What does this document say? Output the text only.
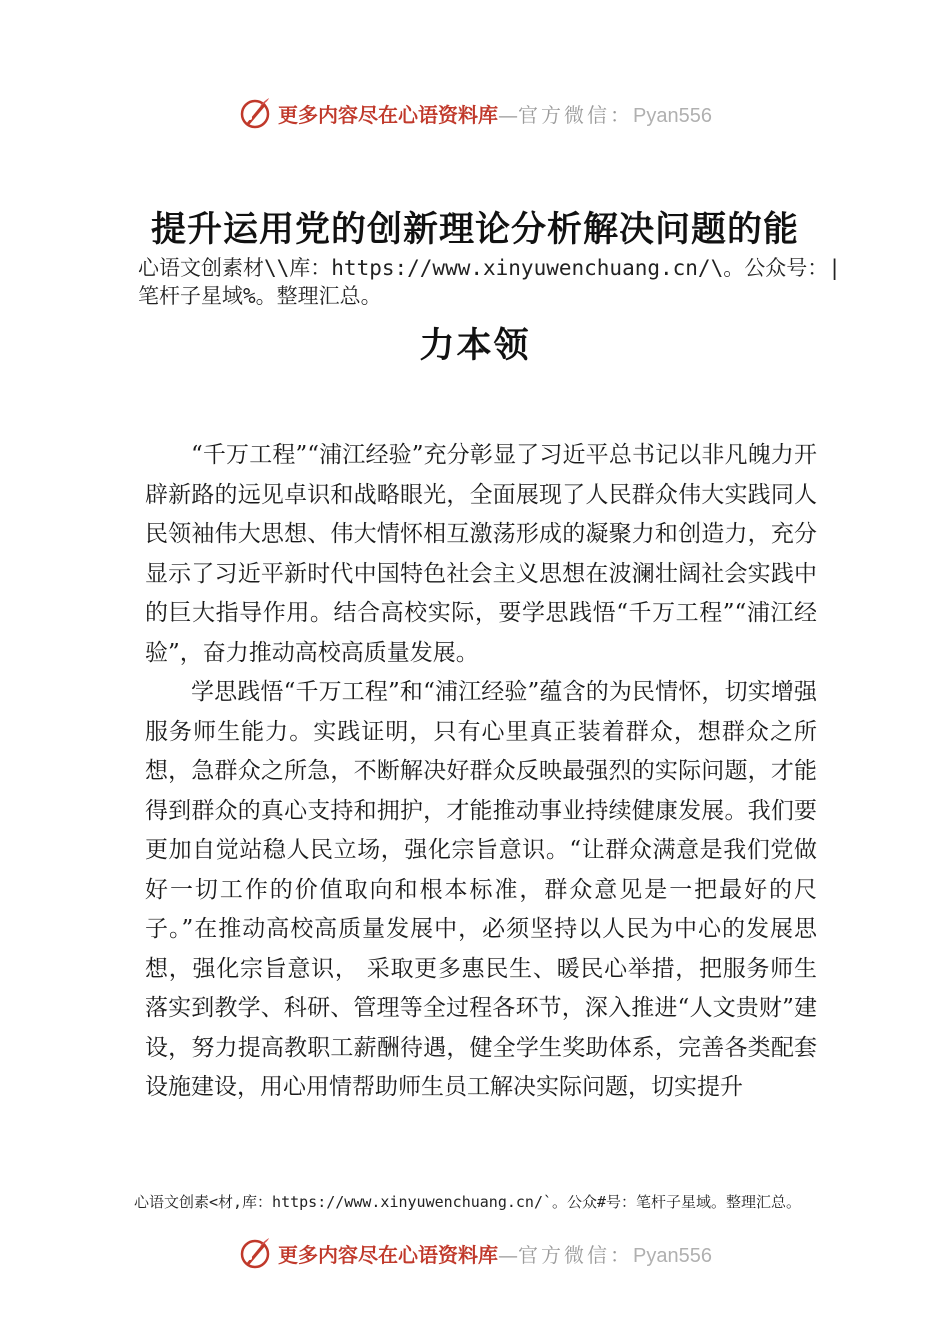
更多内容尽在心语资料库—官方微信：Pyan556
提升运用党的创新理论分析解决问题的能
心语文创素材\\库：https://www.xinyuwenchuang.cn/\。公众号：|笔杆子星域%。整理汇总。
力本领

“千万工程”“浦江经验”充分彰显了习近平总书记以非凡魄力开辟新路的远见卓识和战略眼光，全面展现了人民群众伟大实践同人民领袖伟大思想、伟大情怀相互激荡形成的凝聚力和创造力，充分显示了习近平新时代中国特色社会主义思想在波澜壮阔社会实践中的巨大指导作用。结合高校实际，要学思践悟“千万工程”“浦江经验”，奋力推动高校高质量发展。

学思践悟“千万工程”和“浦江经验”蕴含的为民情怀，切实增强服务师生能力。实践证明，只有心里真正装着群众，想群众之所想，急群众之所急，不断解决好群众反映最强烈的实际问题，才能得到群众的真心支持和拥护，才能推动事业持续健康发展。我们要更加自觉站稳人民立场，强化宗旨意识。“让群众满意是我们党做好一切工作的价值取向和根本标准，群众意见是一把最好的尺子。”在推动高校高质量发展中，必须坚持以人民为中心的发展思想，强化宗旨意识， 采取更多惠民生、暖民心举措，把服务师生落实到教学、科研、管理等全过程各环节，深入推进“人文贵财”建设，努力提高教职工薪酬待遇，健全学生奖助体系，完善各类配套设施建设，用心用情帮助师生员工解决实际问题，切实提升

心语文创素<材,库：https://www.xinyuwenchuang.cn/`。公众#号：笔杆子星域。整理汇总。
更多内容尽在心语资料库—官方微信：Pyan556
